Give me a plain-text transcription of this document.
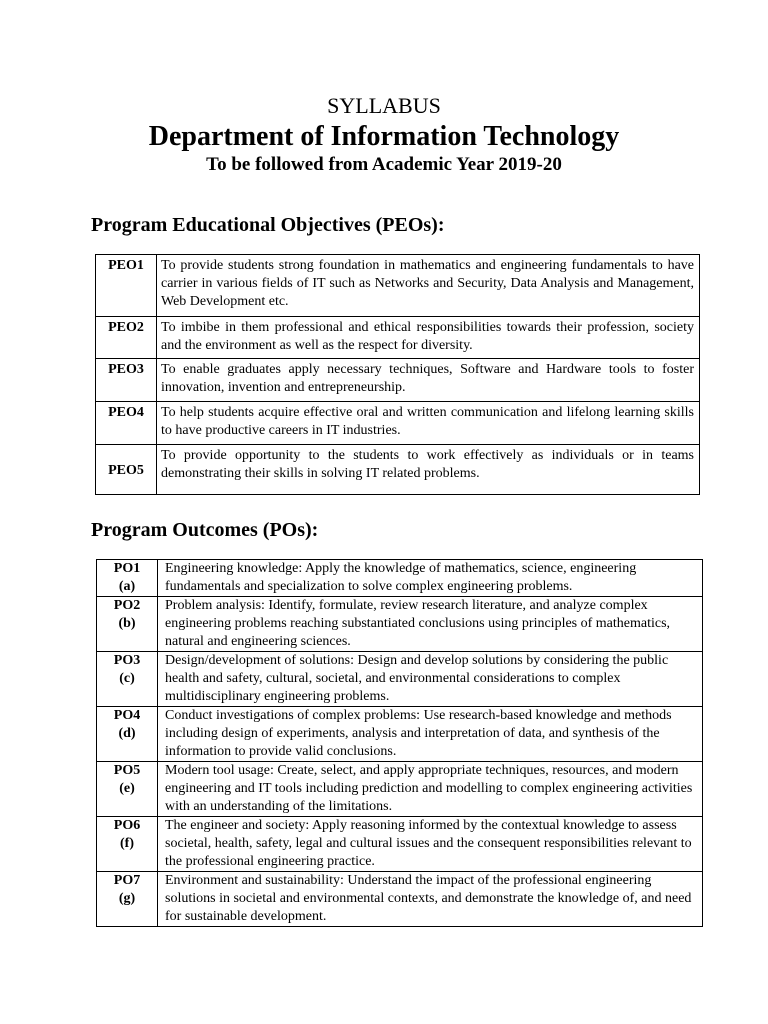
SYLLABUS
Department of Information Technology
To be followed from Academic Year 2019-20
Program Educational Objectives (PEOs):
PEO1	To provide students strong foundation in mathematics and engineering fundamentals to have carrier in various fields of IT such as Networks and Security, Data Analysis and Management, Web Development etc.
PEO2	To imbibe in them professional and ethical responsibilities towards their profession, society and the environment as well as the respect for diversity.
PEO3	To enable graduates apply necessary techniques, Software and Hardware tools to foster innovation, invention and entrepreneurship.
PEO4	To help students acquire effective oral and written communication and lifelong learning skills to have productive careers in IT industries.
PEO5	To provide opportunity to the students to work effectively as individuals or in teams demonstrating their skills in solving IT related problems.
Program Outcomes (POs):
PO1
(a)	Engineering knowledge: Apply the knowledge of mathematics, science, engineering fundamentals and specialization to solve complex engineering problems.

PO2
(b)	Problem analysis: Identify, formulate, review research literature, and analyze complex engineering problems reaching substantiated conclusions using principles of mathematics, natural and engineering sciences.

PO3
(c)	Design/development of solutions: Design and develop solutions by considering the public health and safety, cultural, societal, and environmental considerations to complex multidisciplinary engineering problems.

PO4
(d)	Conduct investigations of complex problems: Use research-based knowledge and methods including design of experiments, analysis and interpretation of data, and synthesis of the information to provide valid conclusions.

PO5
(e)	Modern tool usage: Create, select, and apply appropriate techniques, resources, and modern engineering and IT tools including prediction and modelling to complex engineering activities with an understanding of the limitations.

PO6
(f)	The engineer and society: Apply reasoning informed by the contextual knowledge to assess societal, health, safety, legal and cultural issues and the consequent responsibilities relevant to the professional engineering practice.

PO7
(g)	Environment and sustainability: Understand the impact of the professional engineering solutions in societal and environmental contexts, and demonstrate the knowledge of, and need for sustainable development.
